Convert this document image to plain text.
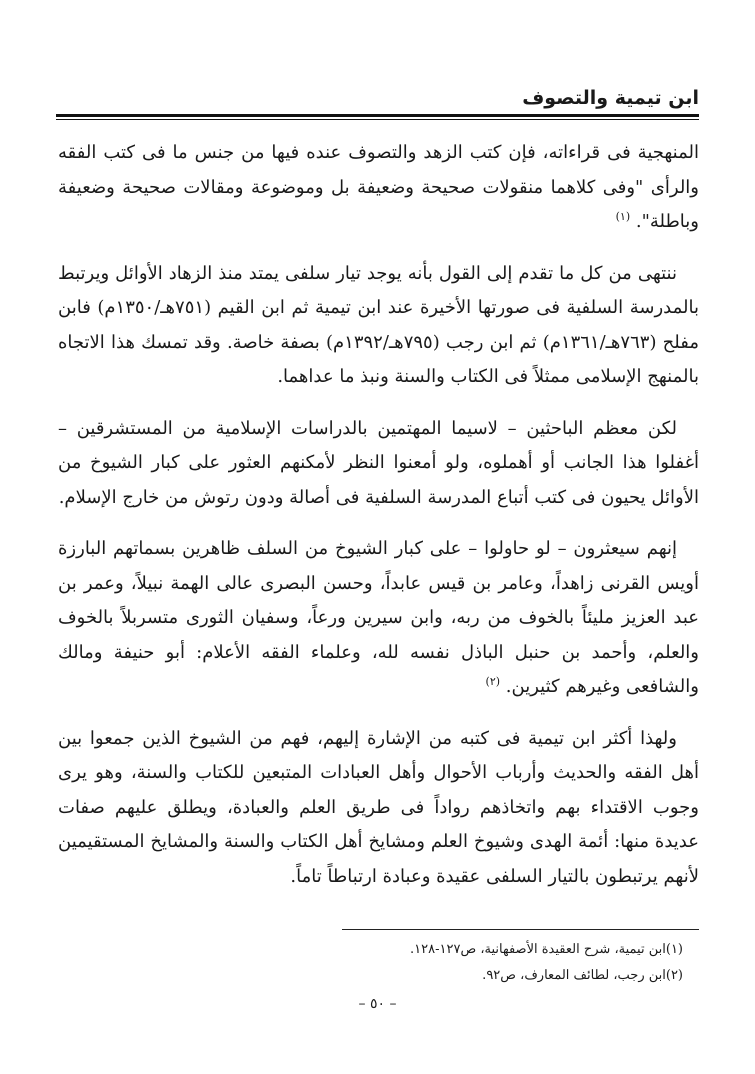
ابن تيمية والتصوف

المنهجية فى قراءاته، فإن كتب الزهد والتصوف عنده فيها من جنس ما فى كتب الفقه والرأى "وفى كلاهما منقولات صحيحة وضعيفة بل وموضوعة ومقالات صحيحة وضعيفة وباطلة". $^{(١)}$

ننتهى من كل ما تقدم إلى القول بأنه يوجد تيار سلفى يمتد منذ الزهاد الأوائل ويرتبط بالمدرسة السلفية فى صورتها الأخيرة عند ابن تيمية ثم ابن القيم (٧٥١هـ/١٣٥٠م) فابن مفلح (٧٦٣هـ/١٣٦١م) ثم ابن رجب (٧٩٥هـ/١٣٩٢م) بصفة خاصة. وقد تمسك هذا الاتجاه بالمنهج الإسلامى ممثلاً فى الكتاب والسنة ونبذ ما عداهما.

لكن معظم الباحثين – لاسيما المهتمين بالدراسات الإسلامية من المستشرقين – أغفلوا هذا الجانب أو أهملوه، ولو أمعنوا النظر لأمكنهم العثور على كبار الشيوخ من الأوائل يحيون فى كتب أتباع المدرسة السلفية فى أصالة ودون رتوش من خارج الإسلام.

إنهم سيعثرون – لو حاولوا – على كبار الشيوخ من السلف ظاهرين بسماتهم البارزة أويس القرنى زاهداً، وعامر بن قيس عابداً، وحسن البصرى عالى الهمة نبيلاً، وعمر بن عبد العزيز مليئاً بالخوف من ربه، وابن سيرين ورعاً، وسفيان الثورى متسربلاً بالخوف والعلم، وأحمد بن حنبل الباذل نفسه لله، وعلماء الفقه الأعلام: أبو حنيفة ومالك والشافعى وغيرهم كثيرين. $^{(٢)}$

ولهذا أكثر ابن تيمية فى كتبه من الإشارة إليهم، فهم من الشيوخ الذين جمعوا بين أهل الفقه والحديث وأرباب الأحوال وأهل العبادات المتبعين للكتاب والسنة، وهو يرى وجوب الاقتداء بهم واتخاذهم رواداً فى طريق العلم والعبادة، ويطلق عليهم صفات عديدة منها: أئمة الهدى وشيوخ العلم ومشايخ أهل الكتاب والسنة والمشايخ المستقيمين لأنهم يرتبطون بالتيار السلفى عقيدة وعبادة ارتباطاً تاماً.

(١)ابن تيمية، شرح العقيدة الأصفهانية، ص١٢٧-١٢٨.
(٢)ابن رجب، لطائف المعارف، ص٩٢.
– ٥٠ –
